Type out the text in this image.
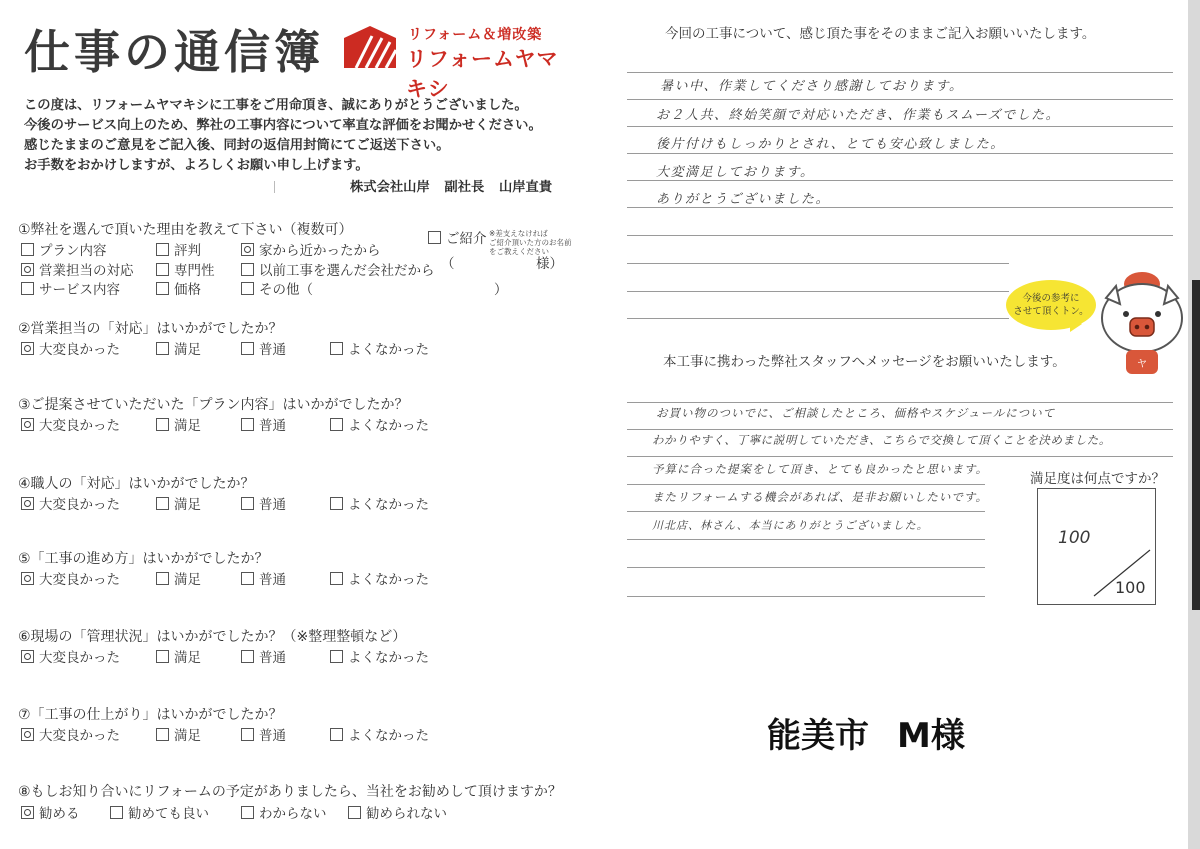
仕事の通信簿	リフォーム＆増改築
リフォームヤマキシ
この度は、リフォームヤマキシに工事をご用命頂き、誠にありがとうございました。
今後のサービス向上のため、弊社の工事内容について率直な評価をお聞かせください。
感じたままのご意見をご記入後、同封の返信用封筒にてご返送下さい。
お手数をおかけしますが、よろしくお願い申し上げます。
株式会社山岸 副社長 山岸直貴
①弊社を選んで頂いた理由を教えて下さい（複数可）
プラン内容	評判	家から近かったから
営業担当の対応	専門性	以前工事を選んだ会社だから
サービス内容	価格	その他（	）
ご紹介 ※差支えなければ
ご紹介頂いた方のお名前
をご教えください
（	様）
②営業担当の「対応」はいかがでしたか？
大変良かった	満足	普通	よくなかった
③ご提案させていただいた「プラン内容」はいかがでしたか？
大変良かった	満足	普通	よくなかった
④職人の「対応」はいかがでしたか？
大変良かった	満足	普通	よくなかった
⑤「工事の進め方」はいかがでしたか？
大変良かった	満足	普通	よくなかった
⑥現場の「管理状況」はいかがでしたか？（※整理整頓など）
大変良かった	満足	普通	よくなかった
⑦「工事の仕上がり」はいかがでしたか？
大変良かった	満足	普通	よくなかった
⑧もしお知り合いにリフォームの予定がありましたら、当社をお勧めして頂けますか？
勧める	勧めても良い	わからない	勧められない
今回の工事について、感じ頂た事をそのままご記入お願いいたします。
暑い中、作業してくださり感謝しております。
お２人共、終始笑顔で対応いただき、作業もスムーズでした。
後片付けもしっかりとされ、とても安心致しました。
大変満足しております。
ありがとうございました。
今後の参考に
させて頂くトン。
ヤ
本工事に携わった弊社スタッフへメッセージをお願いいたします。
お買い物のついでに、ご相談したところ、価格やスケジュールについて
わかりやすく、丁寧に説明していただき、こちらで交換して頂くことを決めました。
予算に合った提案をして頂き、とても良かったと思います。
またリフォームする機会があれば、是非お願いしたいです。
川北店、林さん、本当にありがとうございました。
満足度は何点ですか？
100
100
能美市 M様
